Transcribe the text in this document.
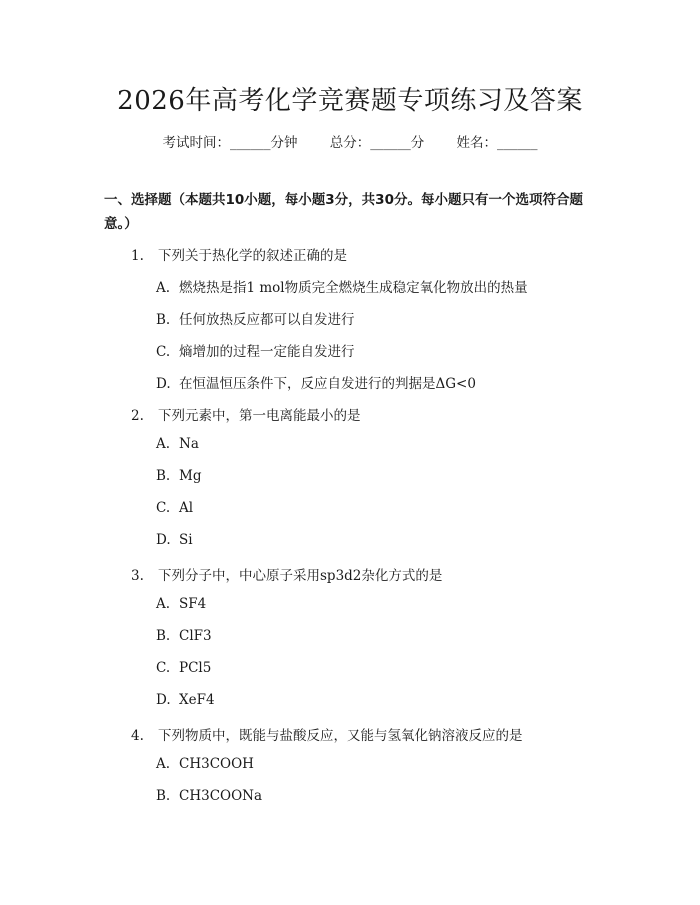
2026年高考化学竞赛题专项练习及答案
考试时间：______分钟 总分：______分 姓名：______
一、选择题（本题共10小题，每小题3分，共30分。每小题只有一个选项符合题意。）
1. 下列关于热化学的叙述正确的是
A. 燃烧热是指1 mol物质完全燃烧生成稳定氧化物放出的热量
B. 任何放热反应都可以自发进行
C. 熵增加的过程一定能自发进行
D. 在恒温恒压条件下，反应自发进行的判据是ΔG<0
2. 下列元素中，第一电离能最小的是
A. Na
B. Mg
C. Al
D. Si
3. 下列分子中，中心原子采用sp3d2杂化方式的是
A. SF4
B. ClF3
C. PCl5
D. XeF4
4. 下列物质中，既能与盐酸反应，又能与氢氧化钠溶液反应的是
A. CH3COOH
B. CH3COONa
